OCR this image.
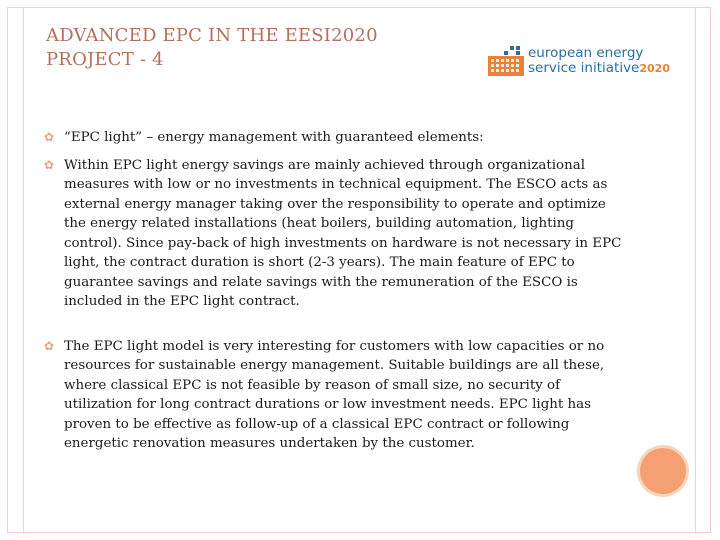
ADVANCED EPC IN THE EESI2020
PROJECT - 4	european energy
service initiative2020
✿ “EPC light” – energy management with guaranteed elements:
✿ Within EPC light energy savings are mainly achieved through organizational measures with low or no investments in technical equipment. The ESCO acts as external energy manager taking over the responsibility to operate and optimize the energy related installations (heat boilers, building automation, lighting control). Since pay-back of high investments on hardware is not necessary in EPC light, the contract duration is short (2-3 years). The main feature of EPC to guarantee savings and relate savings with the remuneration of the ESCO is included in the EPC light contract.
✿ The EPC light model is very interesting for customers with low capacities or no resources for sustainable energy management. Suitable buildings are all these, where classical EPC is not feasible by reason of small size, no security of utilization for long contract durations or low investment needs. EPC light has proven to be effective as follow-up of a classical EPC contract or following energetic renovation measures undertaken by the customer.
